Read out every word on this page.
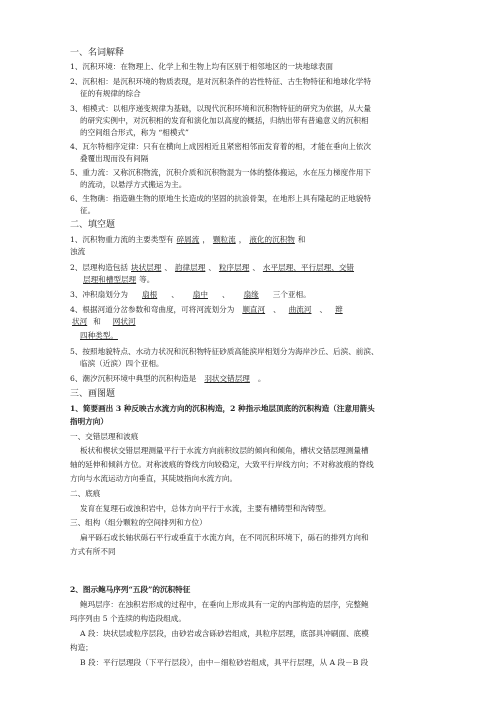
一、名词解释
1、沉积环境：在物理上、化学上和生物上均有区别于相邻地区的一块地球表面
2、沉积相：是沉积环境的物质表现，是对沉积条件的岩性特征、古生物特征和地球化学特
征的有规律的综合
3、相模式：以相序递变规律为基础，以现代沉积环境和沉积物特征的研究为依据，从大量
的研究实例中，对沉积相的发育和演化加以高度的概括，归纳出带有普遍意义的沉积相
的空间组合形式，称为 “相模式”
4、瓦尔特相序定律：只有在横向上成因相近且紧密相邻而发育着的相，才能在垂向上依次
叠覆出现而没有间隔
5、重力流：又称沉积物流，沉积介质和沉积物混为一体的整体搬运，水在压力梯度作用下
的流动，以悬浮方式搬运为主。
6、生物礁：指造礁生物的原地生长造成的坚固的抗浪骨架，在地形上具有隆起的正地貌特
征。
二、填空题
1、沉积物重力流的主要类型有 碎屑流 ， 颗粒流 ， 液化的沉积物 和
浊流
2、层理构造包括 块状层理 、 韵律层理 、 粒序层理 、 水平层理、平行层理、交错
层理和槽型层理 等。
3、冲积扇划分为 扇根 、 扇中 、 扇缘 三个亚相。
4、根据河道分岔参数和弯曲度，可将河流划分为 顺直河 、 曲流河 、 辫
状河 和 网状河
四种类型。
5、按照地貌特点、水动力状况和沉积物特征砂质高能滨岸相划分为海岸沙丘、后滨、前滨、
临滨（近滨）四个亚相。
6、潮汐沉积环境中典型的沉积构造是 羽状交错层理 。
三、画图题
1、简要画出 3 种反映古水流方向的沉积构造，2 种指示地层顶底的沉积构造（注意用箭头
指明方向）
一、交错层理和波痕
板状和楔状交错层理测量平行于水流方向前积纹层的倾向和倾角，槽状交错层理测量槽
轴的延伸和倾斜方位。对称波痕的脊线方向较稳定，大致平行岸线方向；不对称波痕的脊线
方向与水流运动方向垂直，其陡坡指向水流方向。
二、底痕
发育在复理石或浊积岩中，总体方向平行于水流，主要有槽铸型和沟铸型。
三、组构（组分颗粒的空间排列和方位）
扁平砾石或长轴状砾石平行或垂直于水流方向，在不同沉积环境下，砾石的排列方向和
方式有所不同
2、图示鲍马序列“五段”的沉积特征
鲍玛层序：在浊积岩形成的过程中，在垂向上形成具有一定的内部构造的层序，完整鲍
玛序列由 5 个连续的构造段组成。
A 段：块状层或粒序层段，由砂岩或含砾砂岩组成，具粒序层理，底部具冲刷面、底模
构造；
B 段：平行层理段（下平行层段），由中－细粒砂岩组成，具平行层理，从 A 段－B 段
